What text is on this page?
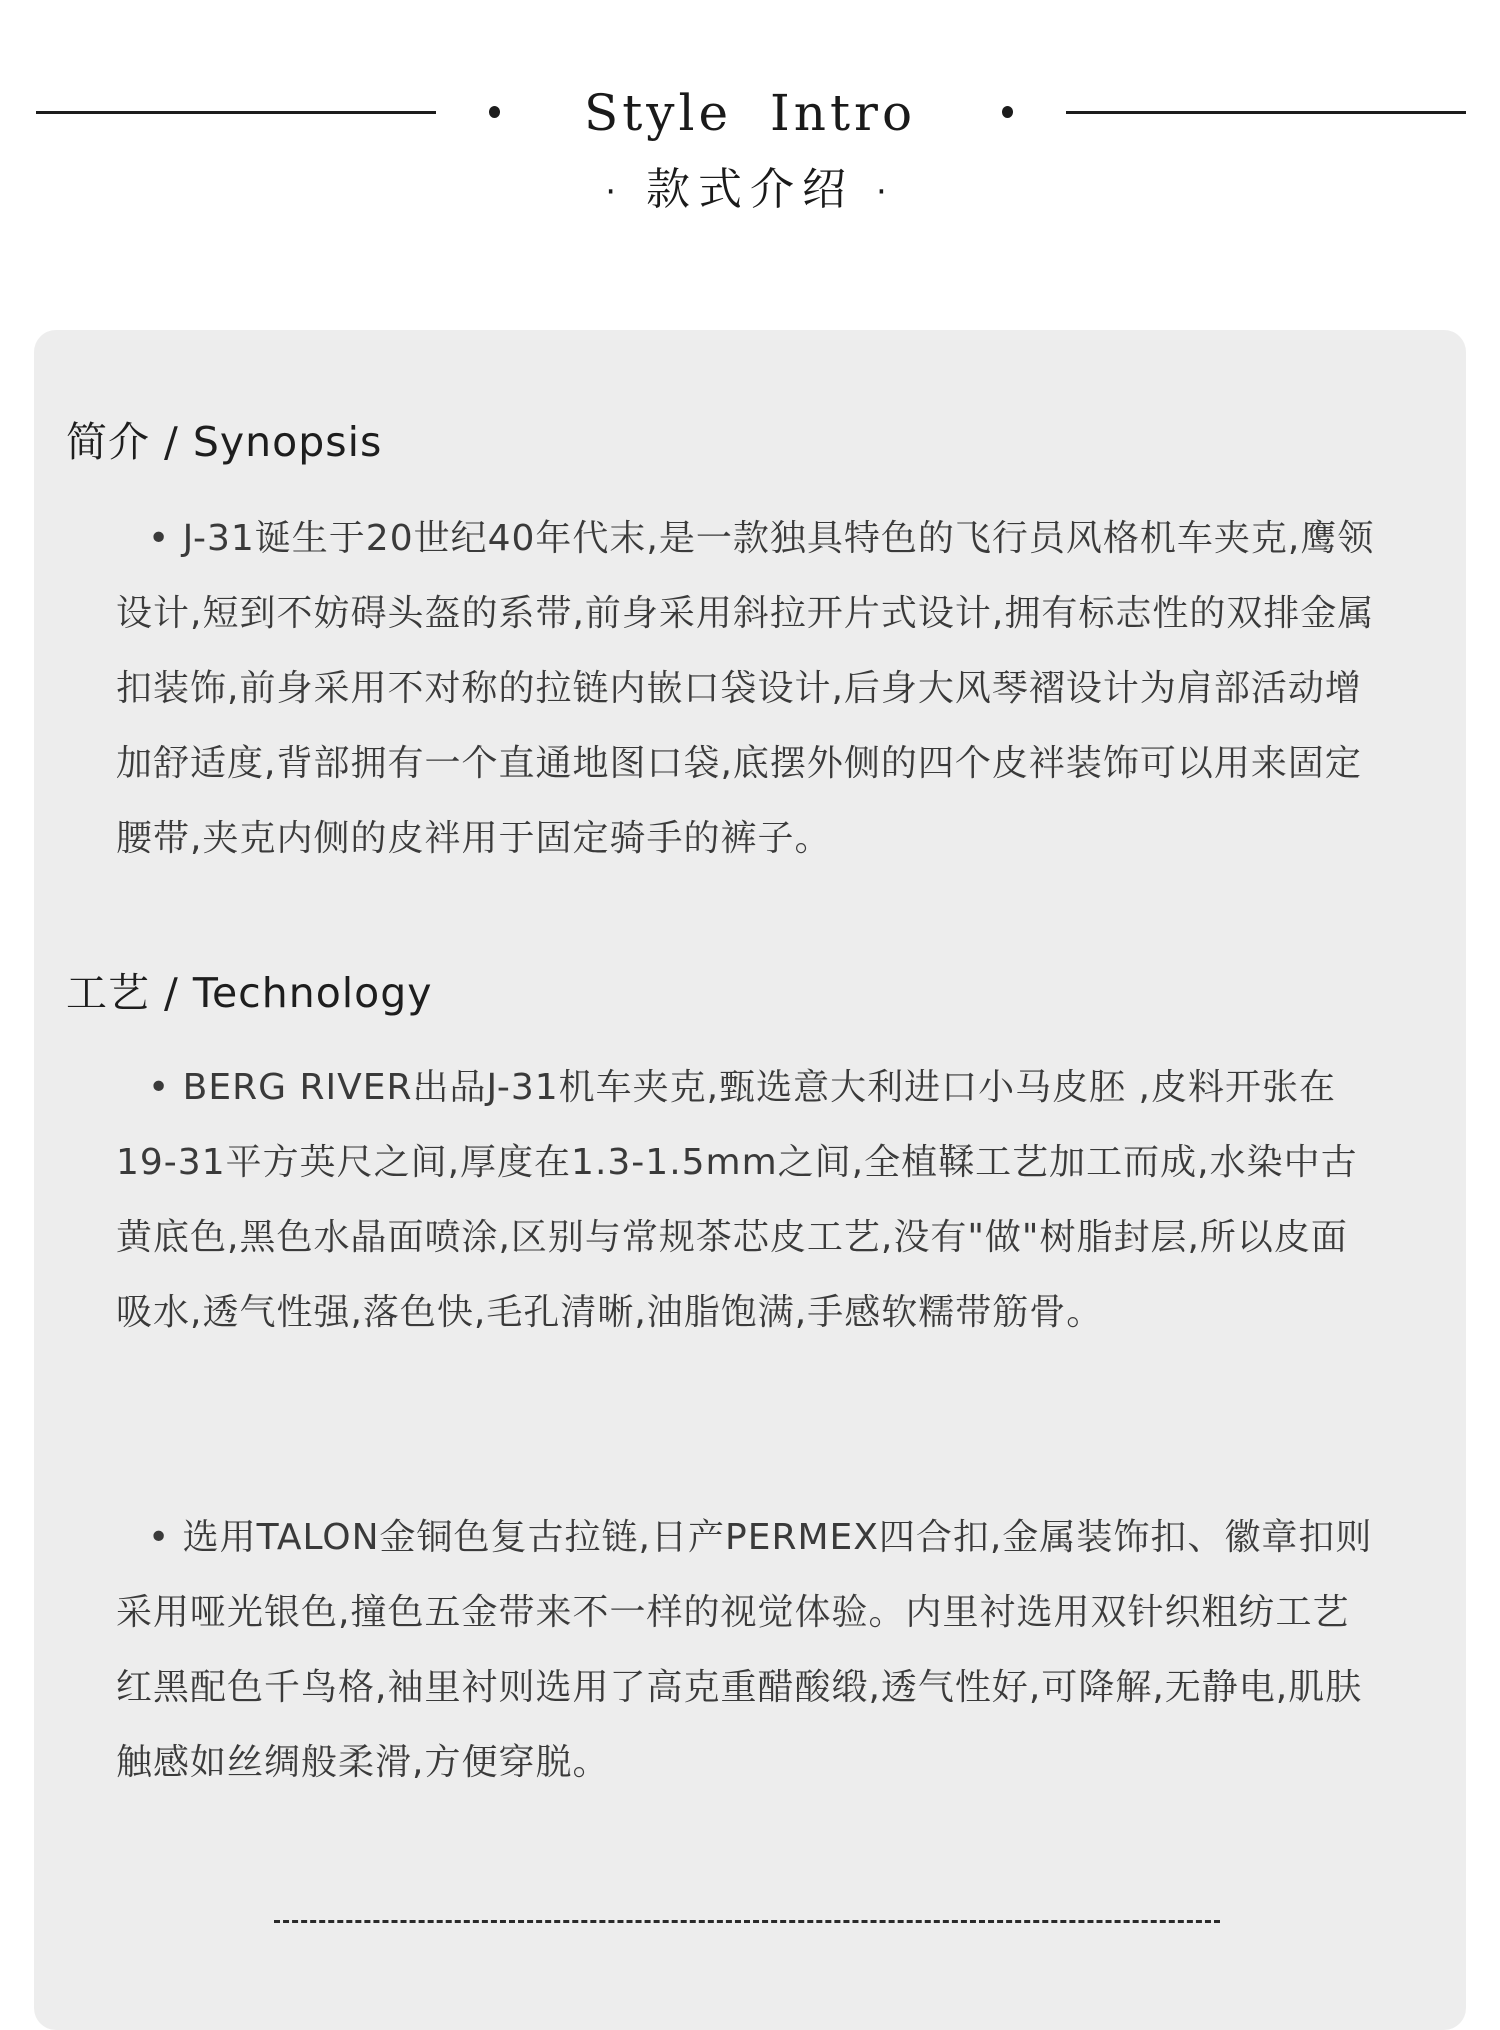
Style Intro
· 款式介绍 ·
简介 / Synopsis
• J-31诞生于20世纪40年代末,是一款独具特色的飞行员风格机车夹克,鹰领设计,短到不妨碍头盔的系带,前身采用斜拉开片式设计,拥有标志性的双排金属扣装饰,前身采用不对称的拉链内嵌口袋设计,后身大风琴褶设计为肩部活动增加舒适度,背部拥有一个直通地图口袋,底摆外侧的四个皮袢装饰可以用来固定腰带,夹克内侧的皮袢用于固定骑手的裤子。
工艺 / Technology
• BERG RIVER出品J-31机车夹克,甄选意大利进口小马皮胚 ,皮料开张在19-31平方英尺之间,厚度在1.3-1.5mm之间,全植鞣工艺加工而成,水染中古黄底色,黑色水晶面喷涂,区别与常规茶芯皮工艺,没有"做"树脂封层,所以皮面吸水,透气性强,落色快,毛孔清晰,油脂饱满,手感软糯带筋骨。
• 选用TALON金铜色复古拉链,日产PERMEX四合扣,金属装饰扣、徽章扣则采用哑光银色,撞色五金带来不一样的视觉体验。内里衬选用双针织粗纺工艺红黑配色千鸟格,袖里衬则选用了高克重醋酸缎,透气性好,可降解,无静电,肌肤触感如丝绸般柔滑,方便穿脱。
